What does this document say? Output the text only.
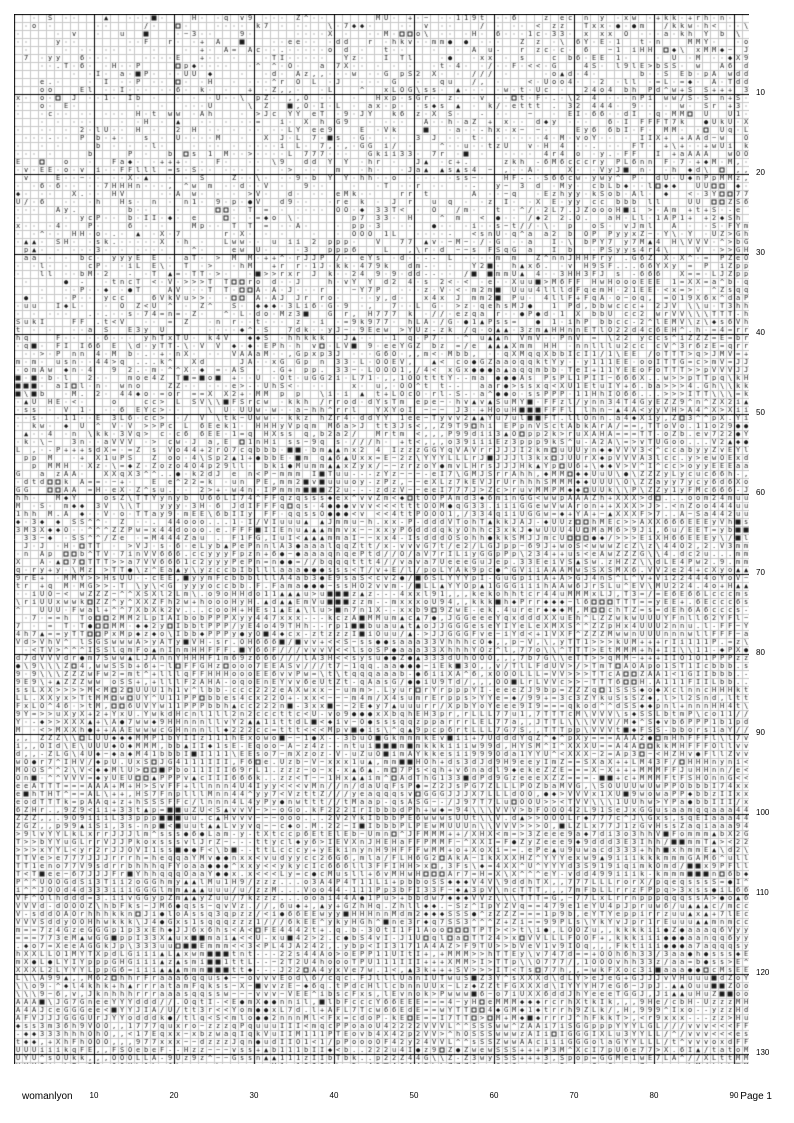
10
20
30
40
50
60
70
80
90
100
110
120
130
10	20	30	40	50	60	70	80	90
womanlyon	Page 1
